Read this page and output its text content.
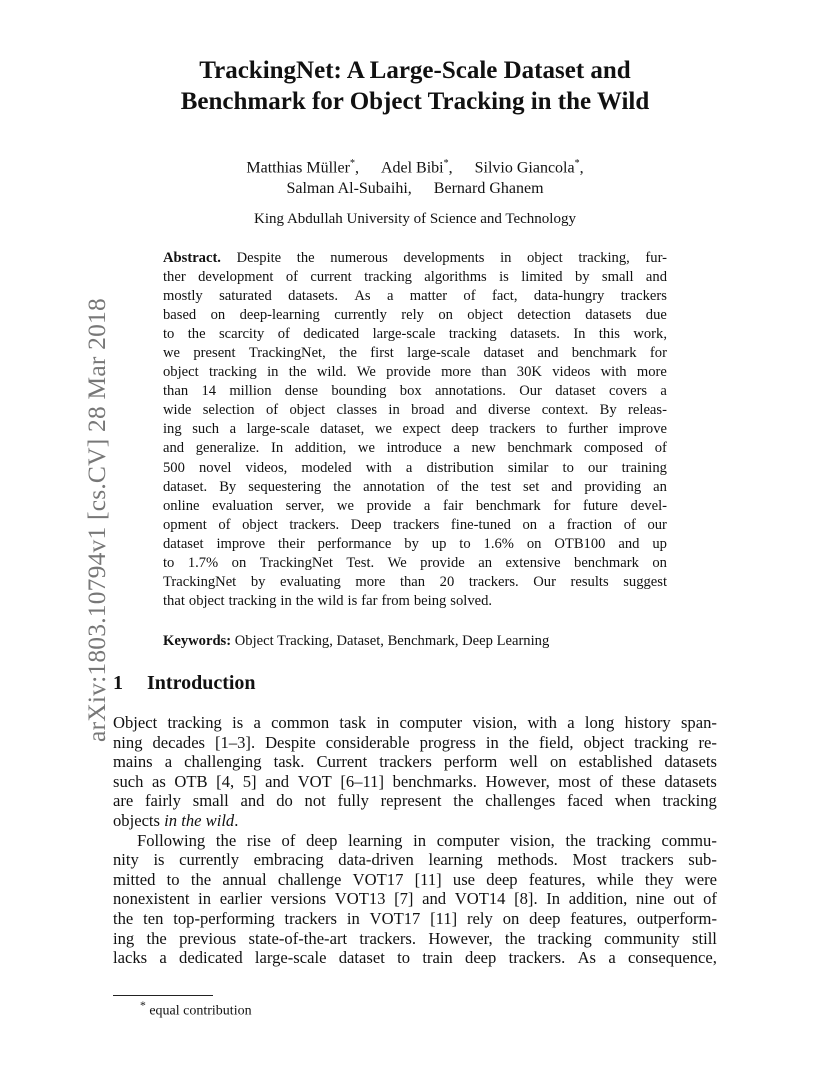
arXiv:1803.10794v1 [cs.CV] 28 Mar 2018
TrackingNet: A Large-Scale Dataset and
Benchmark for Object Tracking in the Wild
Matthias Müller*, Adel Bibi*, Silvio Giancola*,
Salman Al-Subaihi, Bernard Ghanem
King Abdullah University of Science and Technology
Abstract. Despite the numerous developments in object tracking, fur-
ther development of current tracking algorithms is limited by small and
mostly saturated datasets. As a matter of fact, data-hungry trackers
based on deep-learning currently rely on object detection datasets due
to the scarcity of dedicated large-scale tracking datasets. In this work,
we present TrackingNet, the first large-scale dataset and benchmark for
object tracking in the wild. We provide more than 30K videos with more
than 14 million dense bounding box annotations. Our dataset covers a
wide selection of object classes in broad and diverse context. By releas-
ing such a large-scale dataset, we expect deep trackers to further improve
and generalize. In addition, we introduce a new benchmark composed of
500 novel videos, modeled with a distribution similar to our training
dataset. By sequestering the annotation of the test set and providing an
online evaluation server, we provide a fair benchmark for future devel-
opment of object trackers. Deep trackers fine-tuned on a fraction of our
dataset improve their performance by up to 1.6% on OTB100 and up
to 1.7% on TrackingNet Test. We provide an extensive benchmark on
TrackingNet by evaluating more than 20 trackers. Our results suggest
that object tracking in the wild is far from being solved.
Keywords: Object Tracking, Dataset, Benchmark, Deep Learning
1 Introduction
Object tracking is a common task in computer vision, with a long history span-
ning decades [1–3]. Despite considerable progress in the field, object tracking re-
mains a challenging task. Current trackers perform well on established datasets
such as OTB [4, 5] and VOT [6–11] benchmarks. However, most of these datasets
are fairly small and do not fully represent the challenges faced when tracking
objects
in the wild .
Following the rise of deep learning in computer vision, the tracking commu-
nity is currently embracing data-driven learning methods. Most trackers sub-
mitted to the annual challenge VOT17 [11] use deep features, while they were
nonexistent in earlier versions VOT13 [7] and VOT14 [8]. In addition, nine out of
the ten top-performing trackers in VOT17 [11] rely on deep features, outperform-
ing the previous state-of-the-art trackers. However, the tracking community still
lacks a dedicated large-scale dataset to train deep trackers. As a consequence,
* equal contribution
